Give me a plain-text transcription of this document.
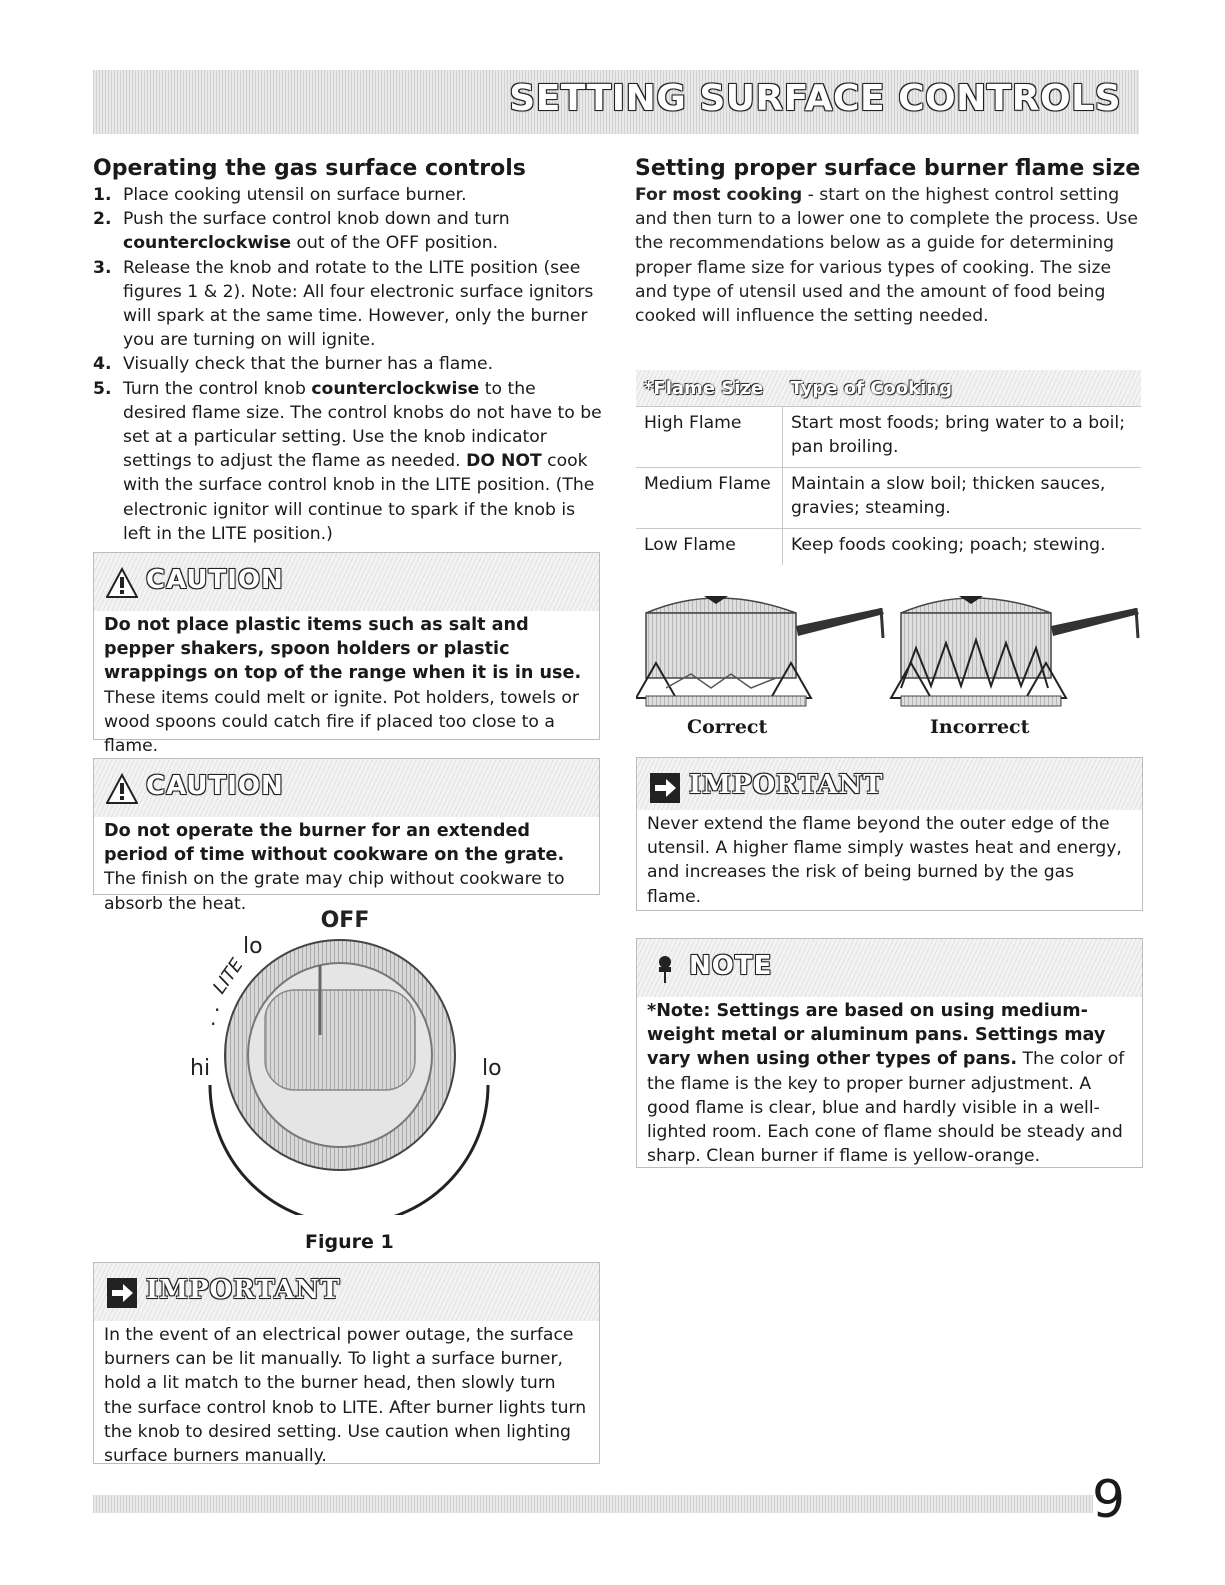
SETTING SURFACE CONTROLS
Operating the gas surface controls
1. Place cooking utensil on surface burner.
2. Push the surface control knob down and turn counterclockwise out of the OFF position.
3. Release the knob and rotate to the LITE position (see figures 1 & 2). Note: All four electronic surface ignitors will spark at the same time. However, only the burner you are turning on will ignite.
4. Visually check that the burner has a flame.
5. Turn the control knob counterclockwise to the desired flame size. The control knobs do not have to be set at a particular setting. Use the knob indicator settings to adjust the flame as needed. DO NOT cook with the surface control knob in the LITE position. (The electronic ignitor will continue to spark if the knob is left in the LITE position.)
CAUTION
Do not place plastic items such as salt and pepper shakers, spoon holders or plastic wrappings on top of the range when it is in use. These items could melt or ignite. Pot holders, towels or wood spoons could catch fire if placed too close to a flame.
CAUTION
Do not operate the burner for an extended period of time without cookware on the grate. The finish on the grate may chip without cookware to absorb the heat.
OFF
lo
LITE
·
·
hi	lo
Figure 1
IMPORTANT
In the event of an electrical power outage, the surface burners can be lit manually. To light a surface burner, hold a lit match to the burner head, then slowly turn the surface control knob to LITE. After burner lights turn the knob to desired setting. Use caution when lighting surface burners manually.
Setting proper surface burner flame size
For most cooking - start on the highest control setting and then turn to a lower one to complete the process. Use the recommendations below as a guide for determining proper flame size for various types of cooking. The size and type of utensil used and the amount of food being cooked will influence the setting needed.
*Flame Size	Type of Cooking
High Flame	Start most foods; bring water to a boil; pan broiling.
Medium Flame	Maintain a slow boil; thicken sauces, gravies; steaming.
Low Flame	Keep foods cooking; poach; stewing.
Correct	Incorrect
IMPORTANT
Never extend the flame beyond the outer edge of the utensil. A higher flame simply wastes heat and energy, and increases the risk of being burned by the gas flame.
NOTE
*Note: Settings are based on using medium-weight metal or aluminum pans. Settings may vary when using other types of pans. The color of the flame is the key to proper burner adjustment. A good flame is clear, blue and hardly visible in a well-lighted room. Each cone of flame should be steady and sharp. Clean burner if flame is yellow-orange.
9
